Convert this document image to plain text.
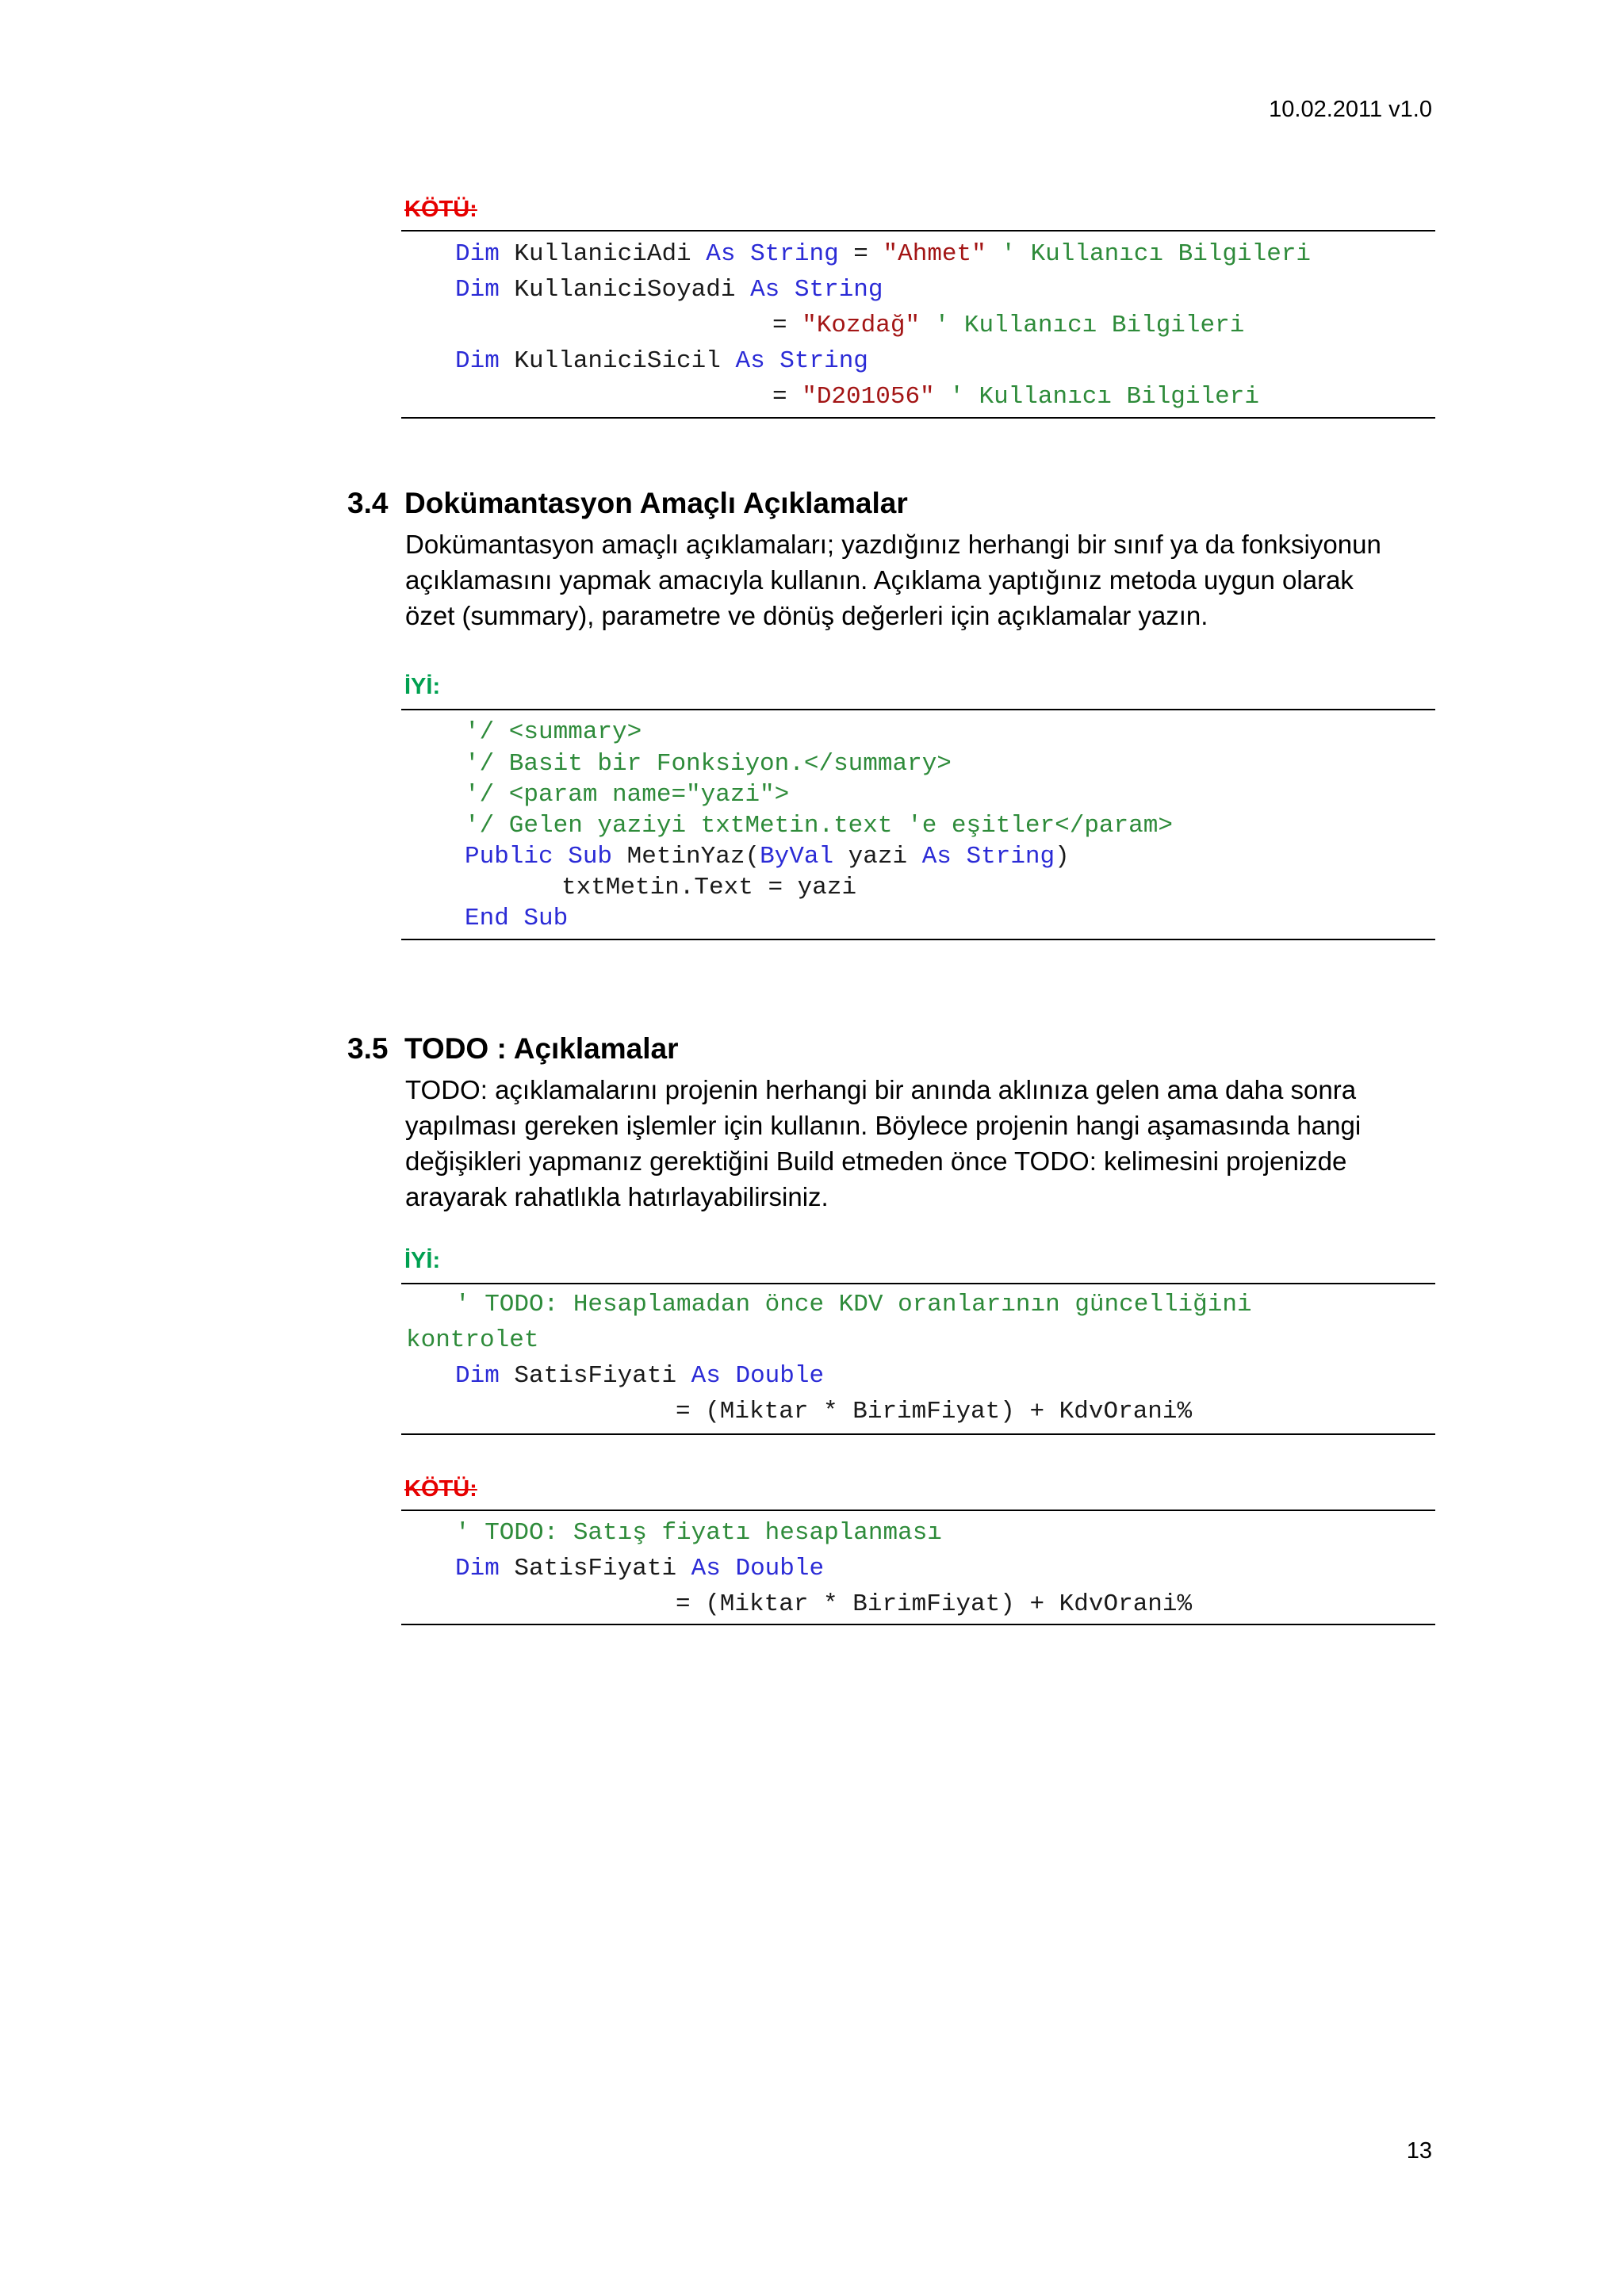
10.02.2011 v1.0
KÖTÜ:
Dim KullaniciAdi As String = "Ahmet" ' Kullanıcı Bilgileri
Dim KullaniciSoyadi As String
= "Kozdağ" ' Kullanıcı Bilgileri
Dim KullaniciSicil As String
= "D201056" ' Kullanıcı Bilgileri
3.4 Dokümantasyon Amaçlı Açıklamalar

Dokümantasyon amaçlı açıklamaları; yazdığınız herhangi bir sınıf ya da fonksiyonun

açıklamasını yapmak amacıyla kullanın. Açıklama yaptığınız metoda uygun olarak

özet (summary), parametre ve dönüş değerleri için açıklamalar yazın.

İYİ:
'/ <summary>
'/ Basit bir Fonksiyon.</summary>
'/ <param name="yazi">
'/ Gelen yaziyi txtMetin.text 'e eşitler</param>
Public Sub MetinYaz(ByVal yazi As String)
txtMetin.Text = yazi
End Sub
3.5 TODO : Açıklamalar

TODO: açıklamalarını projenin herhangi bir anında aklınıza gelen ama daha sonra

yapılması gereken işlemler için kullanın. Böylece projenin hangi aşamasında hangi

değişikleri yapmanız gerektiğini Build etmeden önce TODO: kelimesini projenizde

arayarak rahatlıkla hatırlayabilirsiniz.

İYİ:
' TODO: Hesaplamadan önce KDV oranlarının güncelliğini
kontrolet
Dim SatisFiyati As Double
= (Miktar * BirimFiyat) + KdvOrani%
KÖTÜ:
' TODO: Satış fiyatı hesaplanması
Dim SatisFiyati As Double
= (Miktar * BirimFiyat) + KdvOrani%
13
